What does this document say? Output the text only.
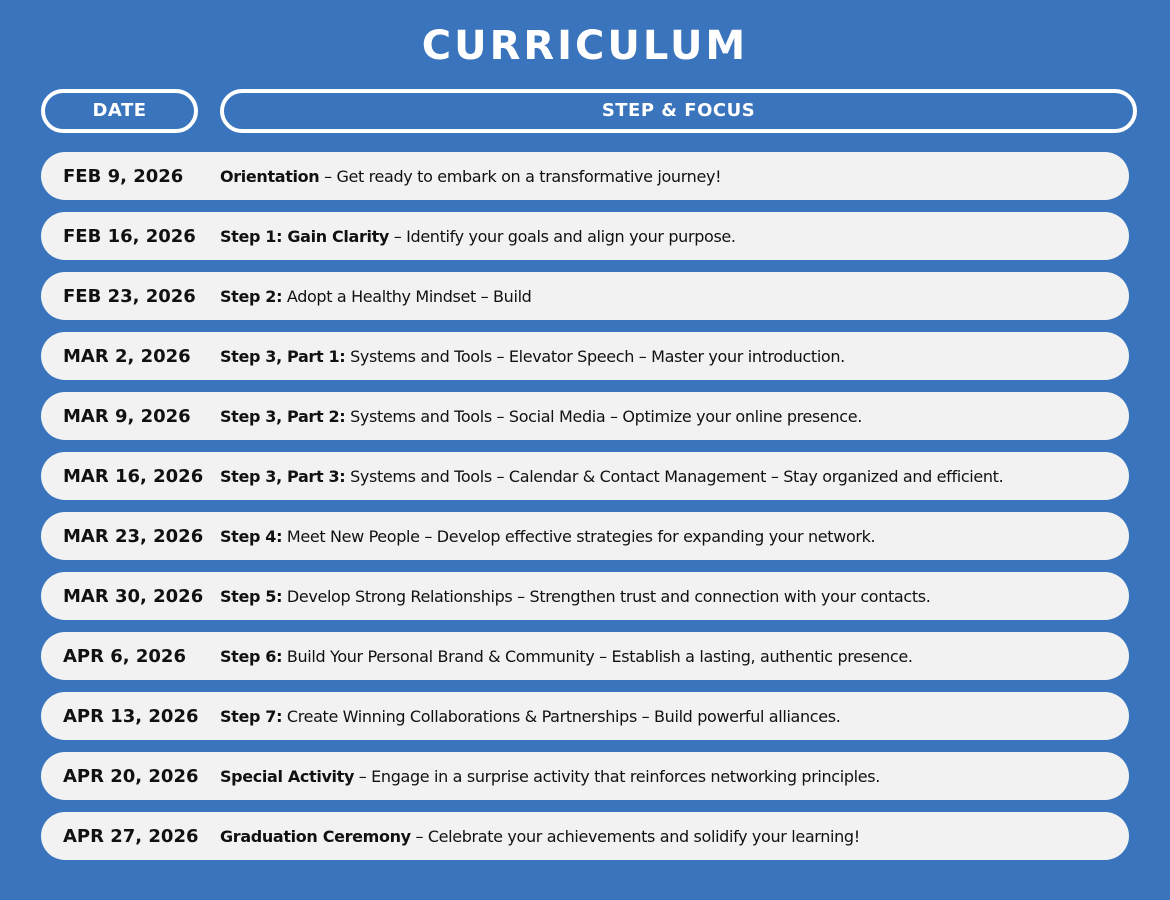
CURRICULUM
DATE	STEP & FOCUS
FEB 9, 2026	Orientation – Get ready to embark on a transformative journey!
FEB 16, 2026	Step 1: Gain Clarity – Identify your goals and align your purpose.
FEB 23, 2026	Step 2: Adopt a Healthy Mindset – Build
MAR 2, 2026	Step 3, Part 1: Systems and Tools – Elevator Speech – Master your introduction.
MAR 9, 2026	Step 3, Part 2: Systems and Tools – Social Media – Optimize your online presence.
MAR 16, 2026	Step 3, Part 3: Systems and Tools – Calendar & Contact Management – Stay organized and efficient.
MAR 23, 2026	Step 4: Meet New People – Develop effective strategies for expanding your network.
MAR 30, 2026	Step 5: Develop Strong Relationships – Strengthen trust and connection with your contacts.
APR 6, 2026	Step 6: Build Your Personal Brand & Community – Establish a lasting, authentic presence.
APR 13, 2026	Step 7: Create Winning Collaborations & Partnerships – Build powerful alliances.
APR 20, 2026	Special Activity – Engage in a surprise activity that reinforces networking principles.
APR 27, 2026	Graduation Ceremony – Celebrate your achievements and solidify your learning!
